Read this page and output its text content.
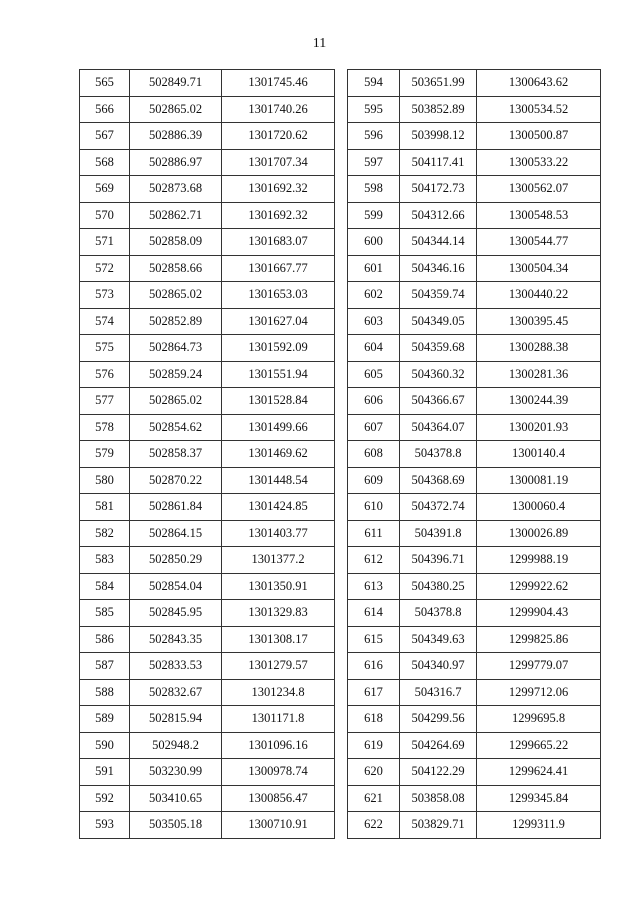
11
565	502849.71	1301745.46
566	502865.02	1301740.26
567	502886.39	1301720.62
568	502886.97	1301707.34
569	502873.68	1301692.32
570	502862.71	1301692.32
571	502858.09	1301683.07
572	502858.66	1301667.77
573	502865.02	1301653.03
574	502852.89	1301627.04
575	502864.73	1301592.09
576	502859.24	1301551.94
577	502865.02	1301528.84
578	502854.62	1301499.66
579	502858.37	1301469.62
580	502870.22	1301448.54
581	502861.84	1301424.85
582	502864.15	1301403.77
583	502850.29	1301377.2
584	502854.04	1301350.91
585	502845.95	1301329.83
586	502843.35	1301308.17
587	502833.53	1301279.57
588	502832.67	1301234.8
589	502815.94	1301171.8
590	502948.2	1301096.16
591	503230.99	1300978.74
592	503410.65	1300856.47
593	503505.18	1300710.91
594	503651.99	1300643.62
595	503852.89	1300534.52
596	503998.12	1300500.87
597	504117.41	1300533.22
598	504172.73	1300562.07
599	504312.66	1300548.53
600	504344.14	1300544.77
601	504346.16	1300504.34
602	504359.74	1300440.22
603	504349.05	1300395.45
604	504359.68	1300288.38
605	504360.32	1300281.36
606	504366.67	1300244.39
607	504364.07	1300201.93
608	504378.8	1300140.4
609	504368.69	1300081.19
610	504372.74	1300060.4
611	504391.8	1300026.89
612	504396.71	1299988.19
613	504380.25	1299922.62
614	504378.8	1299904.43
615	504349.63	1299825.86
616	504340.97	1299779.07
617	504316.7	1299712.06
618	504299.56	1299695.8
619	504264.69	1299665.22
620	504122.29	1299624.41
621	503858.08	1299345.84
622	503829.71	1299311.9
